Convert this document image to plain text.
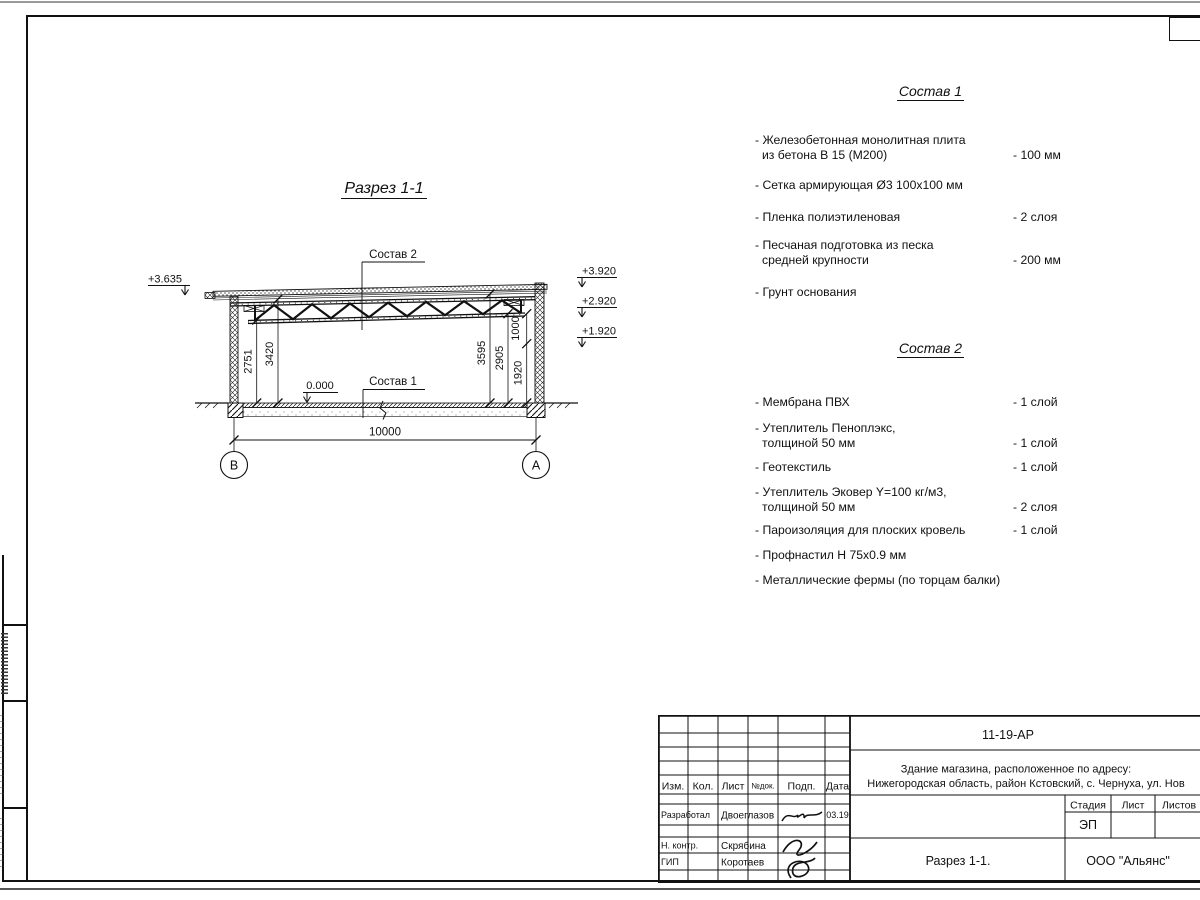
Разрез 1-1
Состав 2
Состав 1
0.000
+3.635
+3.920
+2.920
+1.920
2751 3420	3595 2905
1920
1000
10000
В	А
Состав 1
- Железобетонная монолитная плита
из бетона В 15 (М200)	- 100 мм
- Сетка армирующая Ø3 100x100 мм
- Пленка полиэтиленовая	- 2 слоя
- Песчаная подготовка из песка
средней крупности	- 200 мм
- Грунт основания
Состав 2
- Мембрана ПВХ	- 1 слой
- Утеплитель Пеноплэкс,
толщиной 50 мм	- 1 слой
- Геотекстиль	- 1 слой
- Утеплитель Эковер Y=100 кг/м3,
толщиной 50 мм	- 2 слоя
- Пароизоляция для плоских кровель	- 1 слой
- Профнастил Н 75x0.9 мм
- Металлические фермы (по торцам балки)
Изм. Кол. Лист №док. Подп. Дата
Разработал Двоеглазов	03.19
Н. контр. Скрябина
ГИП	Коротаев
11-19-АР
Здание магазина, расположенное по адресу:
Нижегородская область, район Кстовский, с. Чернуха, ул. Нов
Стадия Лист Листов
ЭП
Разрез 1-1.	ООО "Альянс"
